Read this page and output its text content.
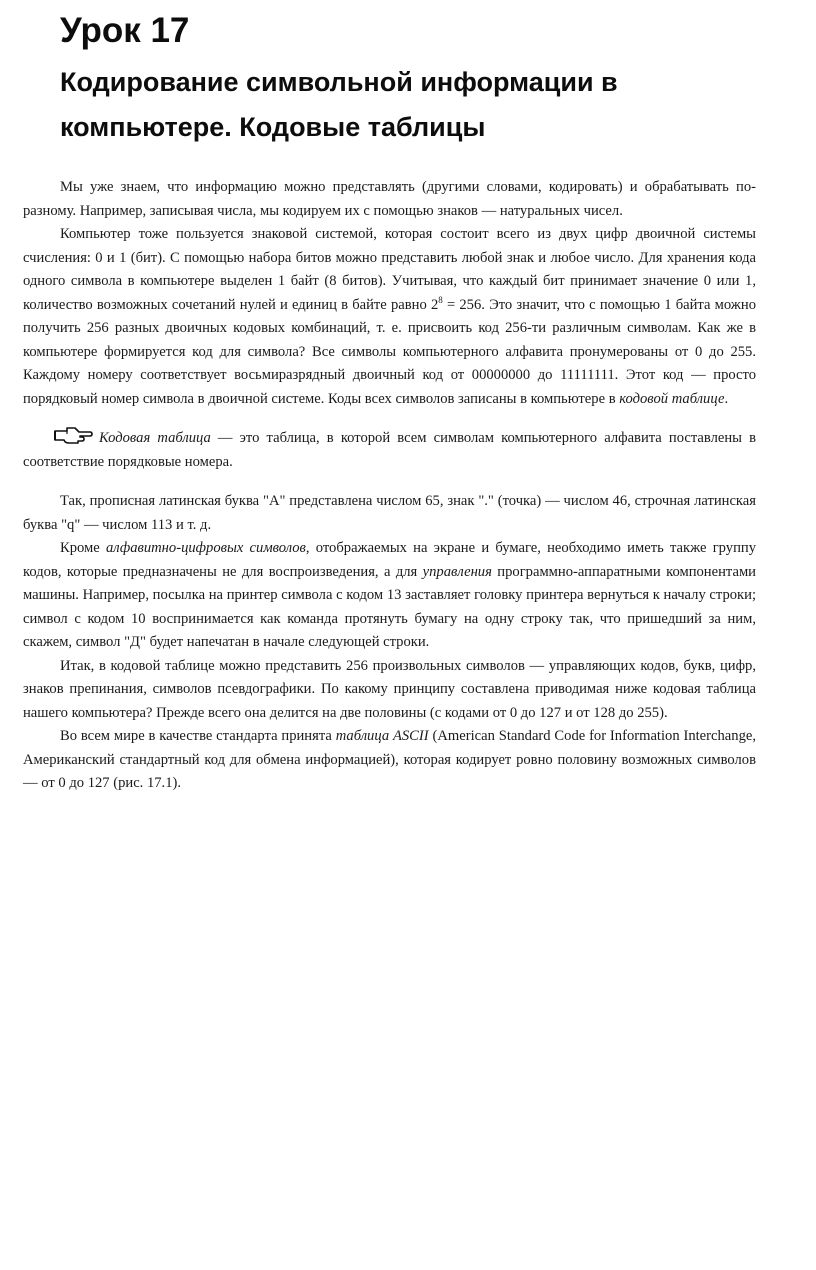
Урок 17
Кодирование символьной информации в компьютере. Кодовые таблицы

Мы уже знаем, что информацию можно представлять (другими словами, кодировать) и обрабатывать по-разному. Например, записывая числа, мы кодируем их с помощью знаков — натуральных чисел.

Компьютер тоже пользуется знаковой системой, которая состоит всего из двух цифр двоичной системы счисления: 0 и 1 (бит). С помощью набора битов можно представить любой знак и любое число. Для хранения кода одного символа в компьютере выделен 1 байт (8 битов). Учитывая, что каждый бит принимает значение 0 или 1, количество возможных сочетаний нулей и единиц в байте равно $2^8 = 256$. Это значит, что с помощью 1 байта можно получить 256 разных двоичных кодовых комбинаций, т. е. присвоить код 256-ти различным символам. Как же в компьютере формируется код для символа? Все символы компьютерного алфавита пронумерованы от 0 до 255. Каждому номеру соответствует восьмиразрядный двоичный код от 00000000 до 11111111. Этот код — просто порядковый номер символа в двоичной системе. Коды всех символов записаны в компьютере в кодовой таблице.

Кодовая таблица — это таблица, в которой всем символам компьютерного алфавита поставлены в соответствие порядковые номера.

Так, прописная латинская буква "A" представлена числом 65, знак "." (точка) — числом 46, строчная латинская буква "q" — числом 113 и т. д.

Кроме алфавитно-цифровых символов, отображаемых на экране и бумаге, необходимо иметь также группу кодов, которые предназначены не для воспроизведения, а для управления программно-аппаратными компонентами машины. Например, посылка на принтер символа с кодом 13 заставляет головку принтера вернуться к началу строки; символ с кодом 10 воспринимается как команда протянуть бумагу на одну строку так, что пришедший за ним, скажем, символ "Д" будет напечатан в начале следующей строки.

Итак, в кодовой таблице можно представить 256 произвольных символов — управляющих кодов, букв, цифр, знаков препинания, символов псевдографики. По какому принципу составлена приводимая ниже кодовая таблица нашего компьютера? Прежде всего она делится на две половины (с кодами от 0 до 127 и от 128 до 255).

Во всем мире в качестве стандарта принята таблица ASCII (American Standard Code for Information Interchange, Американский стандартный код для обмена информацией), которая кодирует ровно половину возможных символов — от 0 до 127 (рис. 17.1).
